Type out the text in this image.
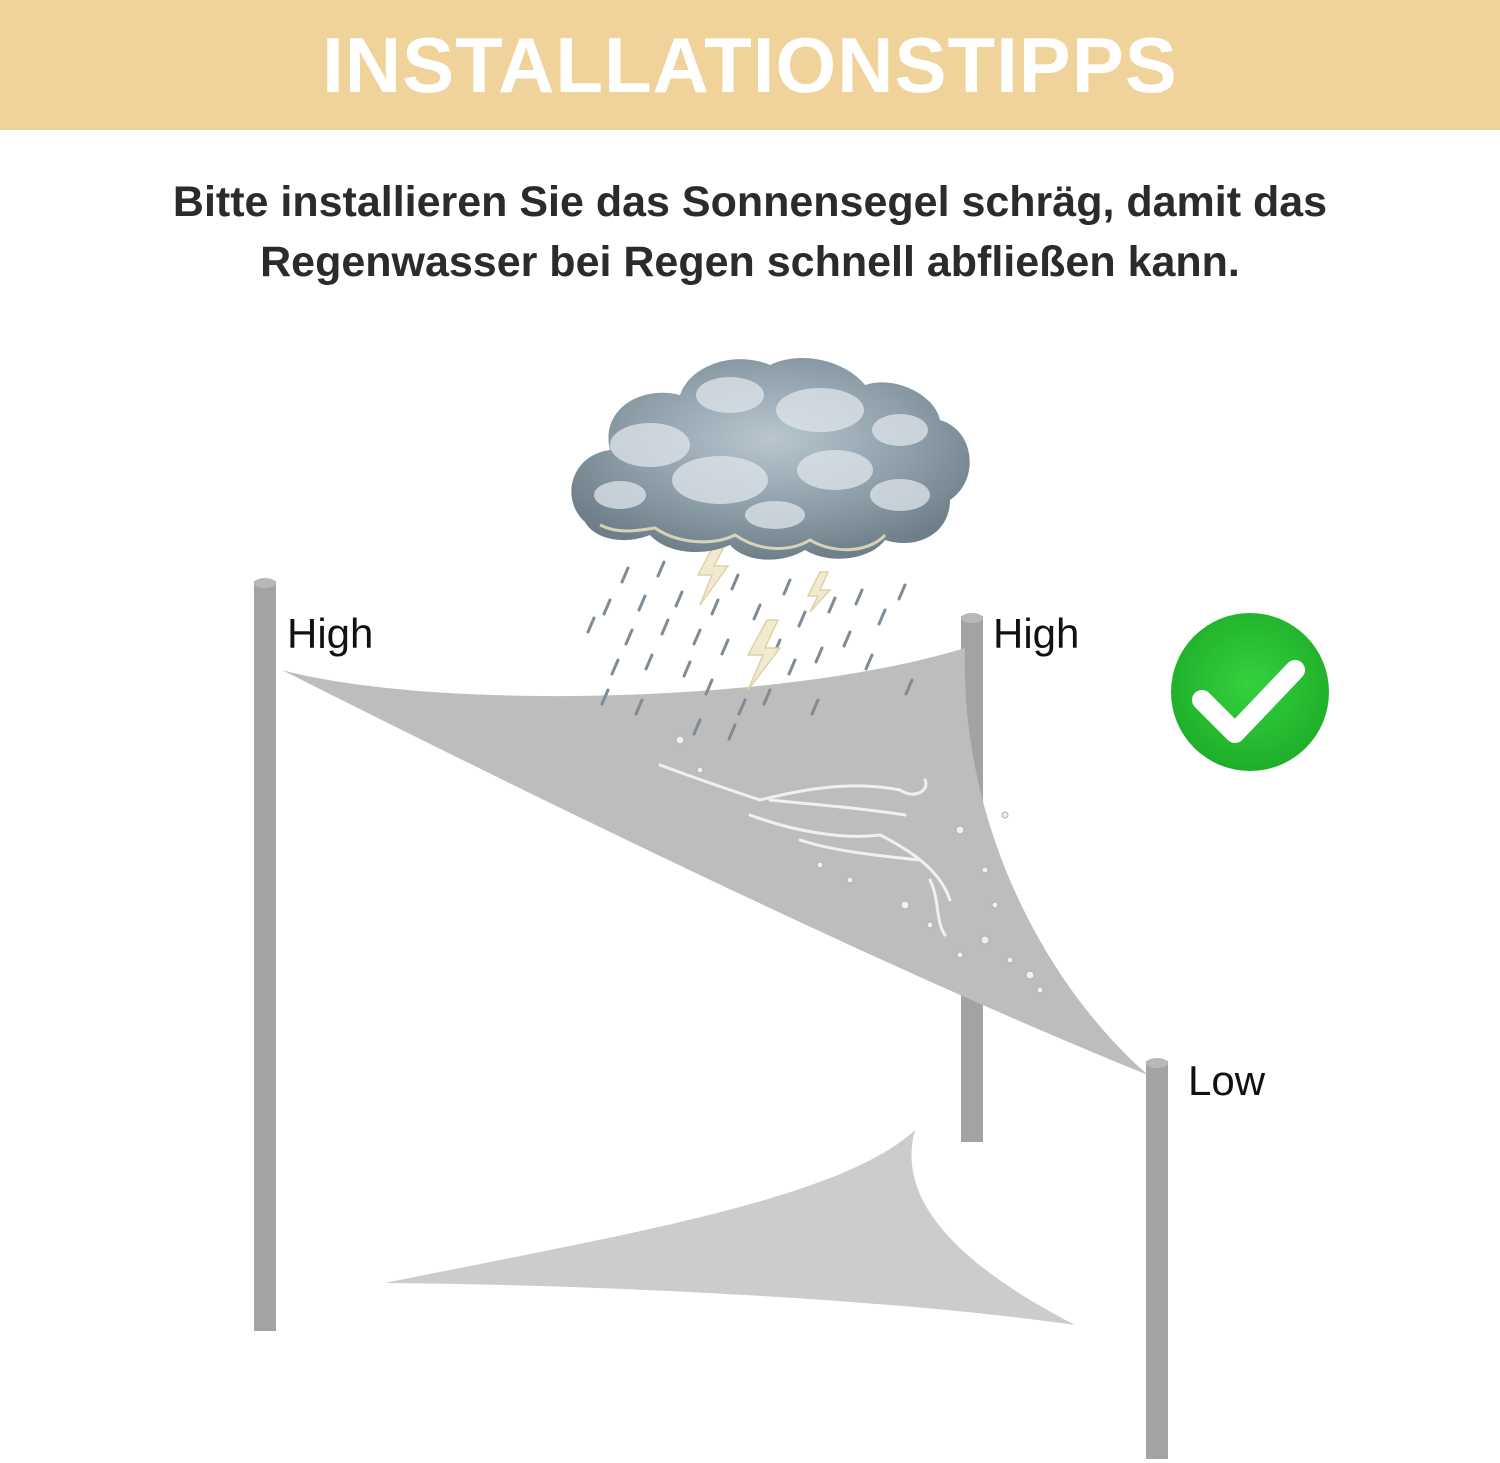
INSTALLATIONSTIPPS
Bitte installieren Sie das Sonnensegel schräg, damit das
Regenwasser bei Regen schnell abfließen kann.
High	High
Low
